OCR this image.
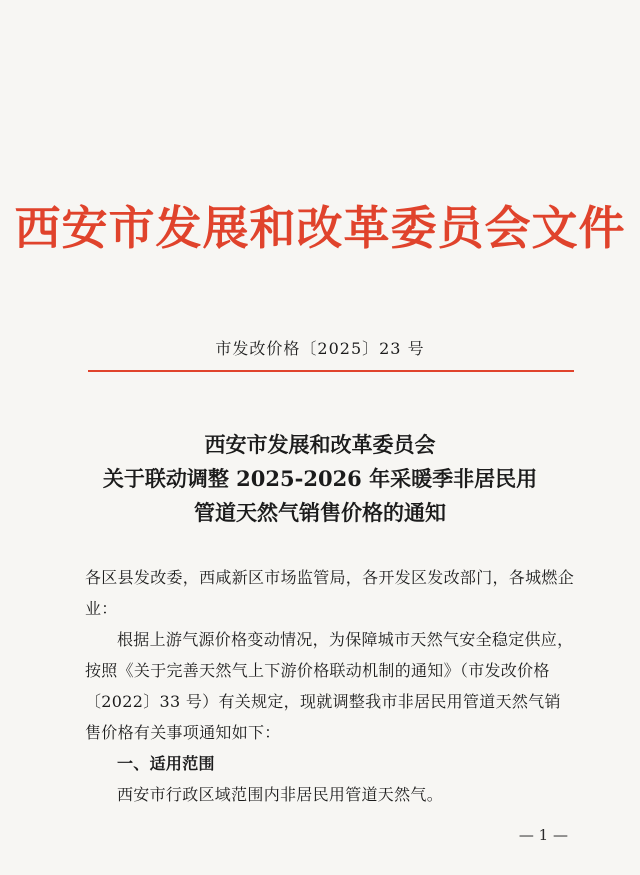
西安市发展和改革委员会文件
市发改价格〔2025〕23 号
西安市发展和改革委员会
关于联动调整 2025-2026 年采暖季非居民用
管道天然气销售价格的通知

各区县发改委，西咸新区市场监管局，各开发区发改部门，各城燃企业：

根据上游气源价格变动情况，为保障城市天然气安全稳定供应，按照《关于完善天然气上下游价格联动机制的通知》（市发改价格〔2022〕33 号）有关规定，现就调整我市非居民用管道天然气销售价格有关事项通知如下：

一、适用范围

西安市行政区域范围内非居民用管道天然气。

— 1 —
